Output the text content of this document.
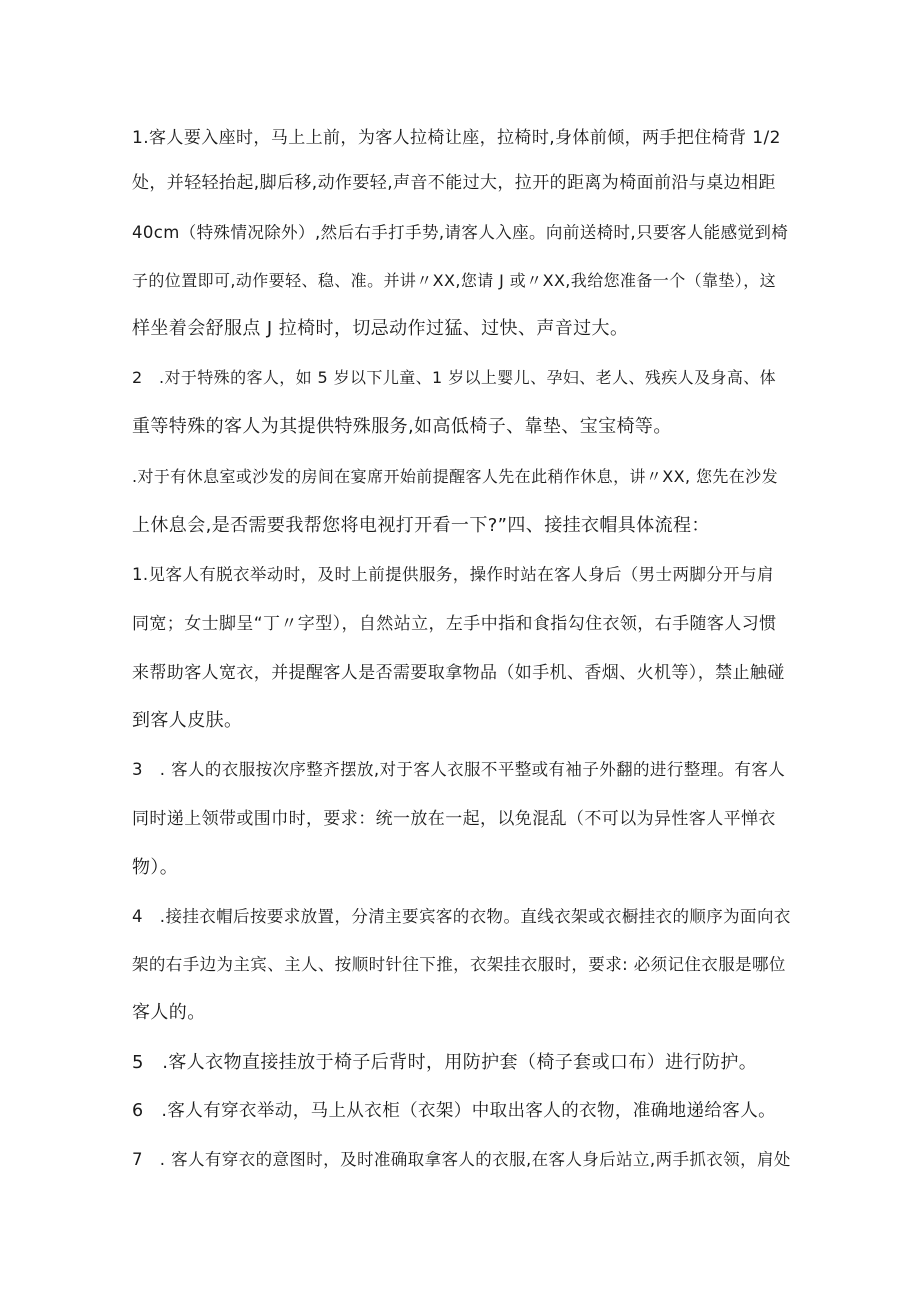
1.客人要入座时，马上上前，为客人拉椅让座，拉椅时,身体前倾，两手把住椅背 1/2
处，并轻轻抬起,脚后移,动作要轻,声音不能过大，拉开的距离为椅面前沿与桌边相距
40cm（特殊情况除外）,然后右手打手势,请客人入座。向前送椅时,只要客人能感觉到椅
子的位置即可,动作要轻、稳、准。并讲〃XX,您请 J 或〃XX,我给您准备一个（靠垫），这
样坐着会舒服点 J 拉椅时，切忌动作过猛、过快、声音过大。
2　.对于特殊的客人，如 5 岁以下儿童、1 岁以上婴儿、孕妇、老人、残疾人及身高、体
重等特殊的客人为其提供特殊服务,如高低椅子、靠垫、宝宝椅等。
.对于有休息室或沙发的房间在宴席开始前提醒客人先在此稍作休息，讲〃XX, 您先在沙发
上休息会,是否需要我帮您将电视打开看一下?”四、接挂衣帽具体流程：
1.见客人有脱衣举动时，及时上前提供服务，操作时站在客人身后（男士两脚分开与肩
同宽；女士脚呈“丁〃字型），自然站立，左手中指和食指勾住衣领，右手随客人习惯
来帮助客人宽衣，并提醒客人是否需要取拿物品（如手机、香烟、火机等），禁止触碰
到客人皮肤。
3　. 客人的衣服按次序整齐摆放,对于客人衣服不平整或有袖子外翻的进行整理。有客人
同时递上领带或围巾时，要求：统一放在一起，以免混乱（不可以为异性客人平惮衣
物）。
4　.接挂衣帽后按要求放置，分清主要宾客的衣物。直线衣架或衣橱挂衣的顺序为面向衣
架的右手边为主宾、主人、按顺时针往下推，衣架挂衣服时，要求: 必须记住衣服是哪位
客人的。
5　.客人衣物直接挂放于椅子后背时，用防护套（椅子套或口布）进行防护。
6　.客人有穿衣举动，马上从衣柜（衣架）中取出客人的衣物，准确地递给客人。
7　. 客人有穿衣的意图时，及时准确取拿客人的衣服,在客人身后站立,两手抓衣领，肩处
